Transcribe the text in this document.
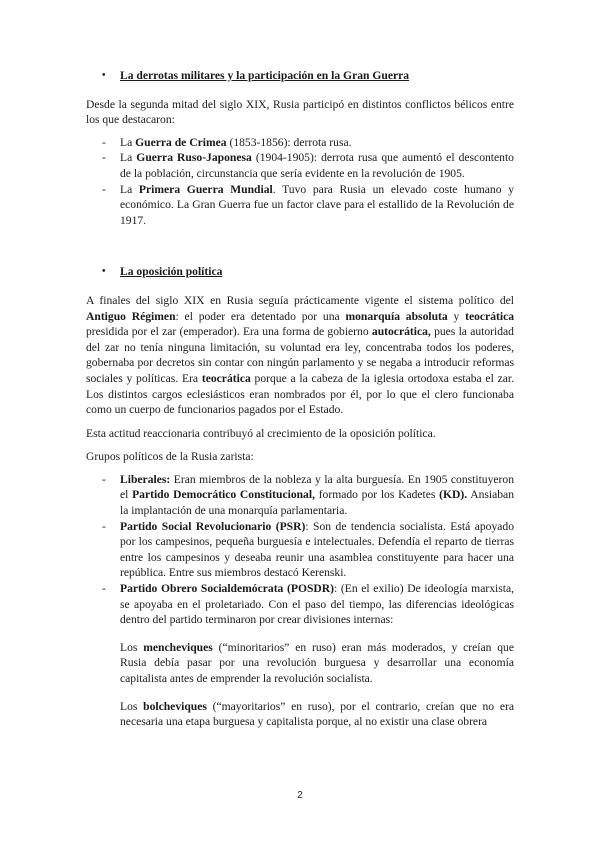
•	La derrotas militares y la participación en la Gran Guerra

Desde la segunda mitad del siglo XIX, Rusia participó en distintos conflictos bélicos entre los que destacaron:

-	La Guerra de Crimea (1853-1856): derrota rusa.
-	La Guerra Ruso-Japonesa (1904-1905): derrota rusa que aumentó el descontento de la población, circunstancia que sería evidente en la revolución de 1905.
-	La Primera Guerra Mundial. Tuvo para Rusia un elevado coste humano y económico. La Gran Guerra fue un factor clave para el estallido de la Revolución de 1917.
•	La oposición política

A finales del siglo XIX en Rusia seguía prácticamente vigente el sistema político del Antiguo Régimen: el poder era detentado por una monarquía absoluta y teocrática presidida por el zar (emperador). Era una forma de gobierno autocrática, pues la autoridad del zar no tenía ninguna limitación, su voluntad era ley, concentraba todos los poderes, gobernaba por decretos sin contar con ningún parlamento y se negaba a introducir reformas sociales y políticas. Era teocrática porque a la cabeza de la iglesia ortodoxa estaba el zar. Los distintos cargos eclesiásticos eran nombrados por él, por lo que el clero funcionaba como un cuerpo de funcionarios pagados por el Estado.

Esta actitud reaccionaria contribuyó al crecimiento de la oposición política.

Grupos políticos de la Rusia zarista:

-	Liberales: Eran miembros de la nobleza y la alta burguesía. En 1905 constituyeron el Partido Democrático Constitucional, formado por los Kadetes (KD). Ansiaban la implantación de una monarquía parlamentaria.
-	Partido Social Revolucionario (PSR): Son de tendencia socialista. Está apoyado por los campesinos, pequeña burguesía e intelectuales. Defendía el reparto de tierras entre los campesinos y deseaba reunir una asamblea constituyente para hacer una república. Entre sus miembros destacó Kerenski.
-	Partido Obrero Socialdemócrata (POSDR): (En el exilio) De ideología marxista, se apoyaba en el proletariado. Con el paso del tiempo, las diferencias ideológicas dentro del partido terminaron por crear divisiones internas:

Los mencheviques (“minoritarios” en ruso) eran más moderados, y creían que Rusia debía pasar por una revolución burguesa y desarrollar una economía capitalista antes de emprender la revolución socialista.

Los bolcheviques (“mayoritarios” en ruso), por el contrario, creían que no era necesaria una etapa burguesa y capitalista porque, al no existir una clase obrera

2
